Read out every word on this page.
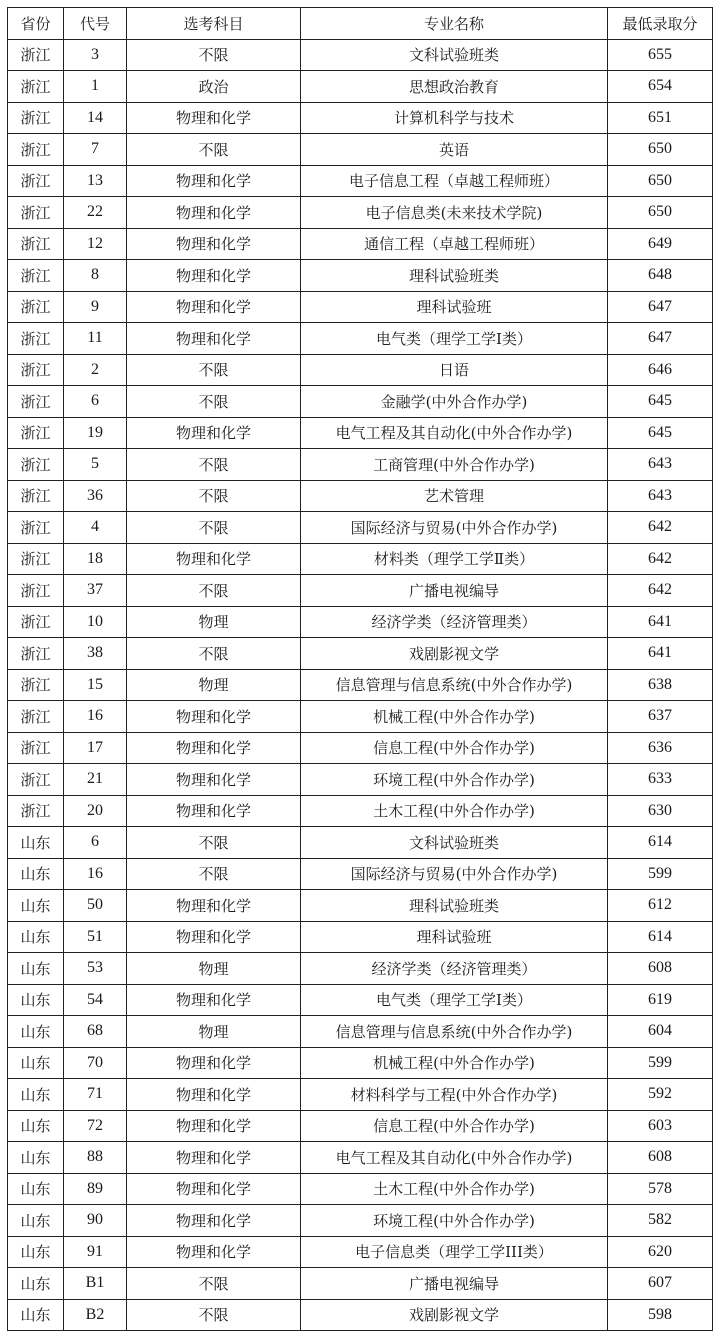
省份	代号	选考科目	专业名称	最低录取分
浙江	3	不限	文科试验班类	655
浙江	1	政治	思想政治教育	654
浙江	14	物理和化学	计算机科学与技术	651
浙江	7	不限	英语	650
浙江	13	物理和化学	电子信息工程（卓越工程师班）	650
浙江	22	物理和化学	电子信息类(未来技术学院)	650
浙江	12	物理和化学	通信工程（卓越工程师班）	649
浙江	8	物理和化学	理科试验班类	648
浙江	9	物理和化学	理科试验班	647
浙江	11	物理和化学	电气类（理学工学I类）	647
浙江	2	不限	日语	646
浙江	6	不限	金融学(中外合作办学)	645
浙江	19	物理和化学	电气工程及其自动化(中外合作办学)	645
浙江	5	不限	工商管理(中外合作办学)	643
浙江	36	不限	艺术管理	643
浙江	4	不限	国际经济与贸易(中外合作办学)	642
浙江	18	物理和化学	材料类（理学工学Ⅱ类）	642
浙江	37	不限	广播电视编导	642
浙江	10	物理	经济学类（经济管理类）	641
浙江	38	不限	戏剧影视文学	641
浙江	15	物理	信息管理与信息系统(中外合作办学)	638
浙江	16	物理和化学	机械工程(中外合作办学)	637
浙江	17	物理和化学	信息工程(中外合作办学)	636
浙江	21	物理和化学	环境工程(中外合作办学)	633
浙江	20	物理和化学	土木工程(中外合作办学)	630
山东	6	不限	文科试验班类	614
山东	16	不限	国际经济与贸易(中外合作办学)	599
山东	50	物理和化学	理科试验班类	612
山东	51	物理和化学	理科试验班	614
山东	53	物理	经济学类（经济管理类）	608
山东	54	物理和化学	电气类（理学工学I类）	619
山东	68	物理	信息管理与信息系统(中外合作办学)	604
山东	70	物理和化学	机械工程(中外合作办学)	599
山东	71	物理和化学	材料科学与工程(中外合作办学)	592
山东	72	物理和化学	信息工程(中外合作办学)	603
山东	88	物理和化学	电气工程及其自动化(中外合作办学)	608
山东	89	物理和化学	土木工程(中外合作办学)	578
山东	90	物理和化学	环境工程(中外合作办学)	582
山东	91	物理和化学	电子信息类（理学工学III类）	620
山东	B1	不限	广播电视编导	607
山东	B2	不限	戏剧影视文学	598
